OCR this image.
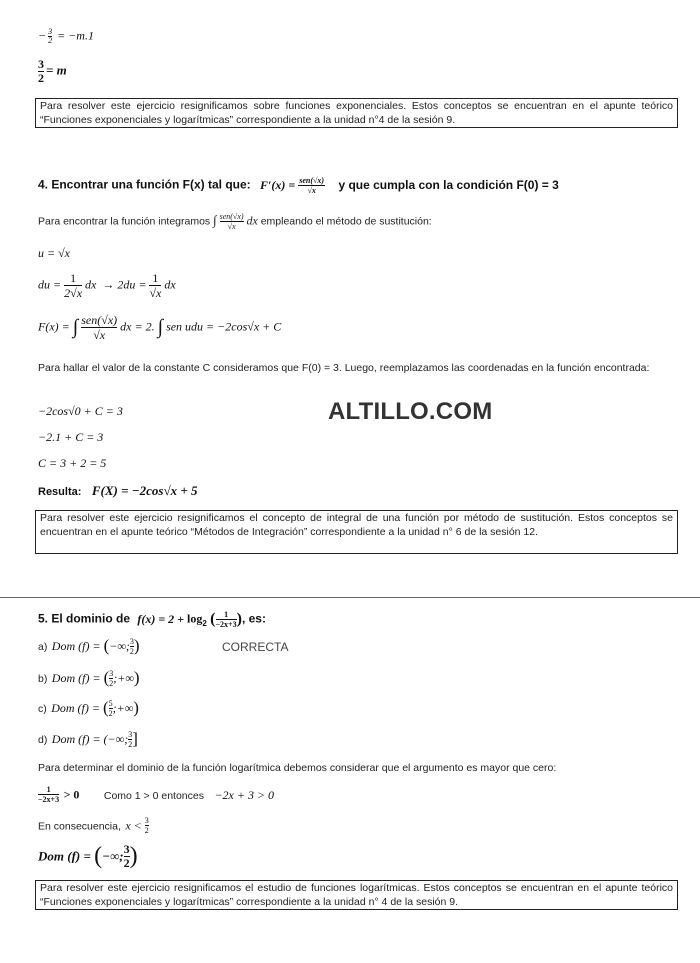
− $\frac{3}{2} = -m.1$
$\frac{3}{2} = m$
Para resolver este ejercicio resignificamos sobre funciones exponenciales. Estos conceptos se encuentran en el apunte teórico “Funciones exponenciales y logarítmicas” correspondiente a la unidad n°4 de la sesión 9.
4. Encontrar una función F(x) tal que: F′(x) = sen(√x)
√x	y que cumpla con la condición F(0) = 3
Para encontrar la función integramos ∫ sen(√x)
√x dx empleando el método de sustitución:
u = √x
du = $\frac{1}{2√x}$ dx  → $2du = \frac{1}{√x}$ dx
F(x) = ∫ sen(√x)
√x
dx = 2. ∫ sen udu = −2cos√x + C
Para hallar el valor de la constante C consideramos que F(0) = 3. Luego, reemplazamos las coordenadas en la función encontrada:
−2cos√0 + C = 3	ALTILLO.COM
−2.1 + C = 3
C = 3 + 2 = 5
Resulta: F(X) = −2cos√x + 5
Para resolver este ejercicio resignificamos el concepto de integral de una función por método de sustitución. Estos conceptos se encuentran en el apunte teórico “Métodos de Integración” correspondiente a la unidad n° 6 de la sesión 12.
5. El dominio de $f(x) = 2 + \log_2$ ( $\frac{1}{-2x+3}$ ), es:
a) Dom (f) = (−∞; $\frac{3}{2}$ )	CORRECTA
b) Dom (f) = ( $\frac{3}{2}$ ;+∞)
c) Dom (f) = ( $\frac{5}{2}$ ;+∞)
d) Dom (f) = (−∞; $\frac{3}{2}$ ]
Para determinar el dominio de la función logarítmica debemos considerar que el argumento es mayor que cero:
$\frac{1}{-2x+3} > 0$ Como 1 > 0 entonces −2x + 3 > 0
En consecuencia, $x < \frac{3}{2}$
Dom (f) = (−∞; $\frac{3}{2}$ )
Para resolver este ejercicio resignificamos el estudio de funciones logarítmicas. Estos conceptos se encuentran en el apunte teórico “Funciones exponenciales y logarítmicas” correspondiente a la unidad n° 4 de la sesión 9.
